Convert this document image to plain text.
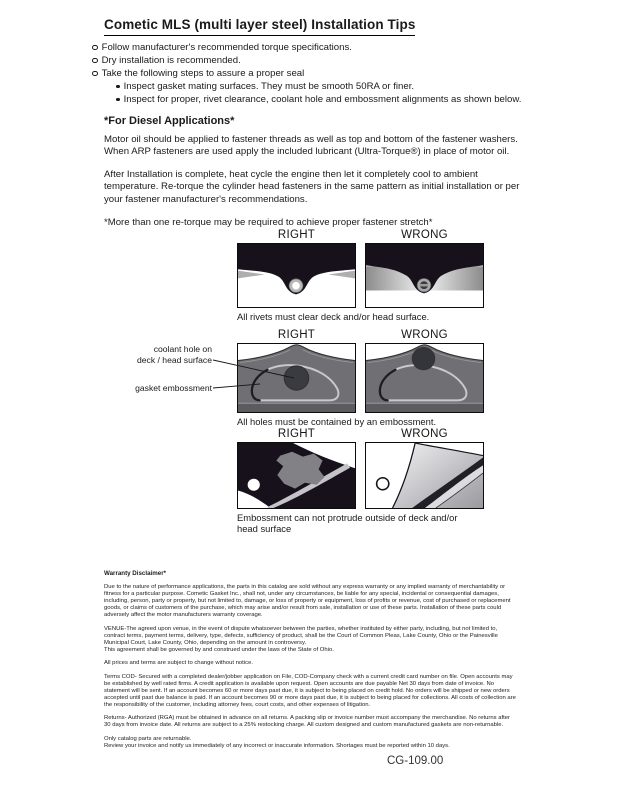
Cometic MLS (multi layer steel) Installation Tips
Follow manufacturer's recommended torque specifications.
Dry installation is recommended.
Take the following steps to assure a proper seal
Inspect gasket mating surfaces. They must be smooth 50RA or finer.
Inspect for proper, rivet clearance, coolant hole and embossment alignments as shown below.
*For Diesel Applications*

Motor oil should be applied to fastener threads as well as top and bottom of the fastener washers. When ARP fasteners are used apply the included lubricant (Ultra-Torque®) in place of motor oil.

After Installation is complete, heat cycle the engine then let it completely cool to ambient temperature. Re-torque the cylinder head fasteners in the same pattern as initial installation or per your fastener manufacturer's recommendations.

*More than one re-torque may be required to achieve proper fastener stretch*

RIGHT	WRONG
All rivets must clear deck and/or head surface.
RIGHT	WRONG
All holes must be contained by an embossment.
coolant hole on
deck / head surface
gasket embossment
RIGHT	WRONG
Embossment can not protrude outside of deck and/or head surface
Warranty Disclaimer*

Due to the nature of performance applications, the parts in this catalog are sold without any express warranty or any implied warranty of merchantability or fitness for a particular purpose. Cometic Gasket Inc., shall not, under any circumstances, be liable for any special, incidental or consequential damages, including, person, party or property, but not limited to, damage, or loss of property or equipment, loss of profits or revenue, cost of purchased or replacement goods, or claims of customers of the purchase, which may arise and/or result from sale, installation or use of these parts. Installation of these parts could adversely affect the motor manufacturers warranty coverage.

VENUE-The agreed upon venue, in the event of dispute whatsoever between the parties, whether instituted by either party, including, but not limited to, contract terms, payment terms, delivery, type, defects, sufficiency of product, shall be the Court of Common Pleas, Lake County, Ohio or the Painesville Municipal Court, Lake County, Ohio, depending on the amount in controversy.

This agreement shall be governed by and construed under the laws of the State of Ohio.

All prices and terms are subject to change without notice.

Terms COD- Secured with a completed dealer/jobber application on File, COD-Company check with a current credit card number on file. Open accounts may be established by well rated firms. A credit application is available upon request. Open accounts are due payable Net 30 days from date of invoice. No statement will be sent. If an account becomes 60 or more days past due, it is subject to being placed on credit hold. No orders will be shipped or new orders accepted until past due balance is paid. If an account becomes 90 or more days past due, it is subject to being placed for collections. All costs of collection are the responsibility of the customer, including attorney fees, court costs, and other expenses of litigation.

Returns- Authorized (RGA) must be obtained in advance on all returns. A packing slip or invoice number must accompany the merchandise. No returns after 30 days from invoice date. All returns are subject to a 25% restocking charge. All custom designed and custom manufactured gaskets are non-returnable.

Only catalog parts are returnable.

Review your invoice and notify us immediately of any incorrect or inaccurate information. Shortages must be reported within 10 days.

CG-109.00
